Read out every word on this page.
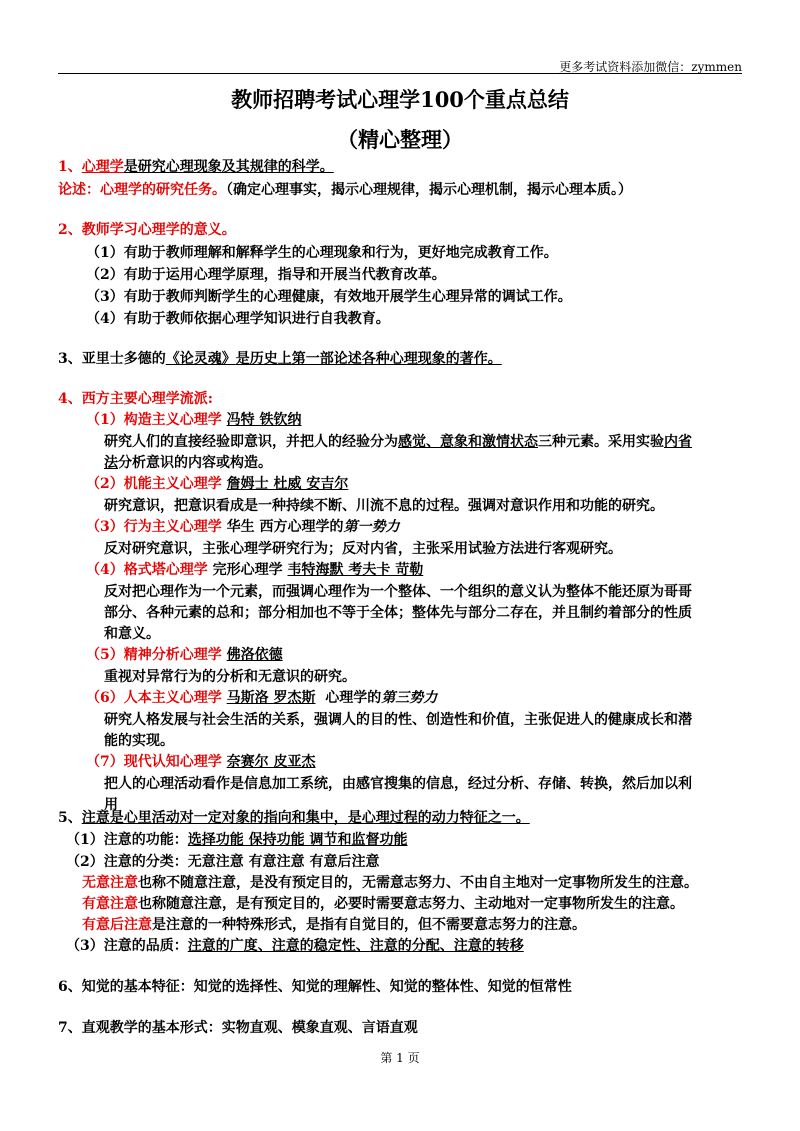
更多考试资料添加微信：zymmen
教师招聘考试心理学100个重点总结
（精心整理）
1、心理学是研究心理现象及其规律的科学。
论述：心理学的研究任务。（确定心理事实，揭示心理规律，揭示心理机制，揭示心理本质。）
2、教师学习心理学的意义。
（1）有助于教师理解和解释学生的心理现象和行为，更好地完成教育工作。
（2）有助于运用心理学原理，指导和开展当代教育改革。
（3）有助于教师判断学生的心理健康，有效地开展学生心理异常的调试工作。
（4）有助于教师依据心理学知识进行自我教育。
3、亚里士多德的《论灵魂》是历史上第一部论述各种心理现象的著作。
4、西方主要心理学流派:
（1）构造主义心理学 冯特 铁钦纳
研究人们的直接经验即意识，并把人的经验分为感觉、意象和激情状态三种元素。采用实验内省
法分析意识的内容或构造。
（2）机能主义心理学 詹姆士 杜威 安吉尔
研究意识，把意识看成是一种持续不断、川流不息的过程。强调对意识作用和功能的研究。
（3）行为主义心理学 华生 西方心理学的第一势力
反对研究意识，主张心理学研究行为；反对内省，主张采用试验方法进行客观研究。
（4）格式塔心理学 完形心理学 韦特海默 考夫卡 苛勒
反对把心理作为一个元素，而强调心理作为一个整体、一个组织的意义认为整体不能还原为哥哥
部分、各种元素的总和；部分相加也不等于全体；整体先与部分二存在，并且制约着部分的性质
和意义。
（5）精神分析心理学 佛洛依德
重视对异常行为的分析和无意识的研究。
（6）人本主义心理学 马斯洛 罗杰斯 心理学的第三势力
研究人格发展与社会生活的关系，强调人的目的性、创造性和价值，主张促进人的健康成长和潜
能的实现。
（7）现代认知心理学 奈赛尔 皮亚杰
把人的心理活动看作是信息加工系统，由感官搜集的信息，经过分析、存储、转换，然后加以利
用
5、注意是心里活动对一定对象的指向和集中，是心理过程的动力特征之一。
（1）注意的功能：选择功能 保持功能 调节和监督功能
（2）注意的分类：无意注意 有意注意 有意后注意
无意注意也称不随意注意，是没有预定目的，无需意志努力、不由自主地对一定事物所发生的注意。
有意注意也称随意注意，是有预定目的，必要时需要意志努力、主动地对一定事物所发生的注意。
有意后注意是注意的一种特殊形式，是指有自觉目的，但不需要意志努力的注意。
（3）注意的品质：注意的广度、注意的稳定性、注意的分配、注意的转移
6、知觉的基本特征：知觉的选择性、知觉的理解性、知觉的整体性、知觉的恒常性
7、直观教学的基本形式：实物直观、模象直观、言语直观
第 1 页
